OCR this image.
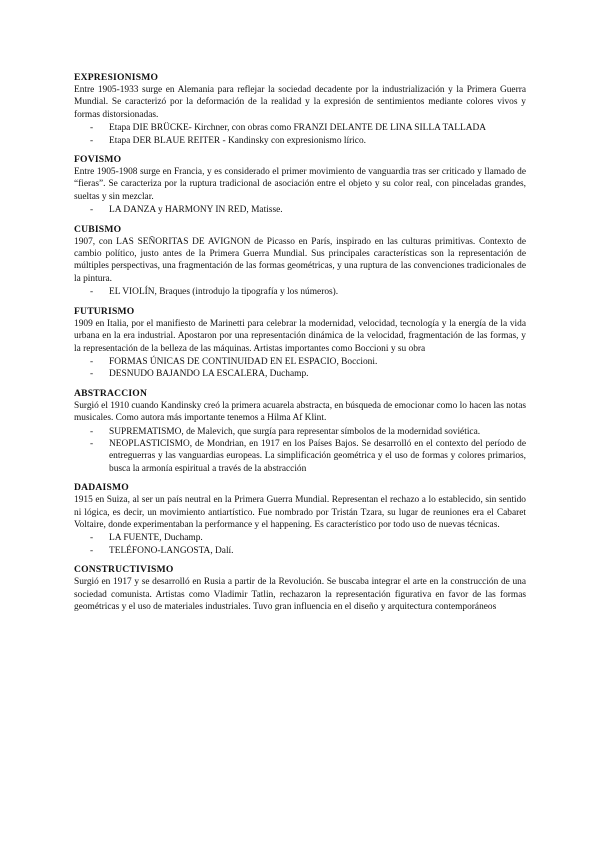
EXPRESIONISMO

Entre 1905-1933 surge en Alemania para reflejar la sociedad decadente por la industrialización y la Primera Guerra Mundial. Se caracterizó por la deformación de la realidad y la expresión de sentimientos mediante colores vivos y formas distorsionadas.

- Etapa DIE BRÜCKE- Kirchner, con obras como FRANZI DELANTE DE LINA SILLA TALLADA
- Etapa DER BLAUE REITER - Kandinsky con expresionismo lírico.
FOVISMO

Entre 1905-1908 surge en Francia, y es considerado el primer movimiento de vanguardia tras ser criticado y llamado de “fieras”. Se caracteriza por la ruptura tradicional de asociación entre el objeto y su color real, con pinceladas grandes, sueltas y sin mezclar.

- LA DANZA y HARMONY IN RED, Matisse.
CUBISMO

1907, con LAS SEÑORITAS DE AVIGNON de Picasso en París, inspirado en las culturas primitivas. Contexto de cambio político, justo antes de la Primera Guerra Mundial. Sus principales características son la representación de múltiples perspectivas, una fragmentación de las formas geométricas, y una ruptura de las convenciones tradicionales de la pintura.

- EL VIOLÍN, Braques (introdujo la tipografía y los números).
FUTURISMO

1909 en Italia, por el manifiesto de Marinetti para celebrar la modernidad, velocidad, tecnología y la energía de la vida urbana en la era industrial. Apostaron por una representación dinámica de la velocidad, fragmentación de las formas, y la representación de la belleza de las máquinas. Artistas importantes como Boccioni y su obra

- FORMAS ÚNICAS DE CONTINUIDAD EN EL ESPACIO, Boccioni.
- DESNUDO BAJANDO LA ESCALERA, Duchamp.
ABSTRACCION

Surgió el 1910 cuando Kandinsky creó la primera acuarela abstracta, en búsqueda de emocionar como lo hacen las notas musicales. Como autora más importante tenemos a Hilma Af Klint.

- SUPREMATISMO, de Malevich, que surgía para representar símbolos de la modernidad soviética.
- NEOPLASTICISMO, de Mondrian, en 1917 en los Países Bajos. Se desarrolló en el contexto del período de entreguerras y las vanguardias europeas. La simplificación geométrica y el uso de formas y colores primarios, busca la armonía espiritual a través de la abstracción
DADAISMO

1915 en Suiza, al ser un país neutral en la Primera Guerra Mundial. Representan el rechazo a lo establecido, sin sentido ni lógica, es decir, un movimiento antiartístico. Fue nombrado por Tristán Tzara, su lugar de reuniones era el Cabaret Voltaire, donde experimentaban la performance y el happening. Es característico por todo uso de nuevas técnicas.

- LA FUENTE, Duchamp.
- TELÉFONO-LANGOSTA, Dalí.
CONSTRUCTIVISMO

Surgió en 1917 y se desarrolló en Rusia a partir de la Revolución. Se buscaba integrar el arte en la construcción de una sociedad comunista. Artistas como Vladimir Tatlin, rechazaron la representación figurativa en favor de las formas geométricas y el uso de materiales industriales. Tuvo gran influencia en el diseño y arquitectura contemporáneos
